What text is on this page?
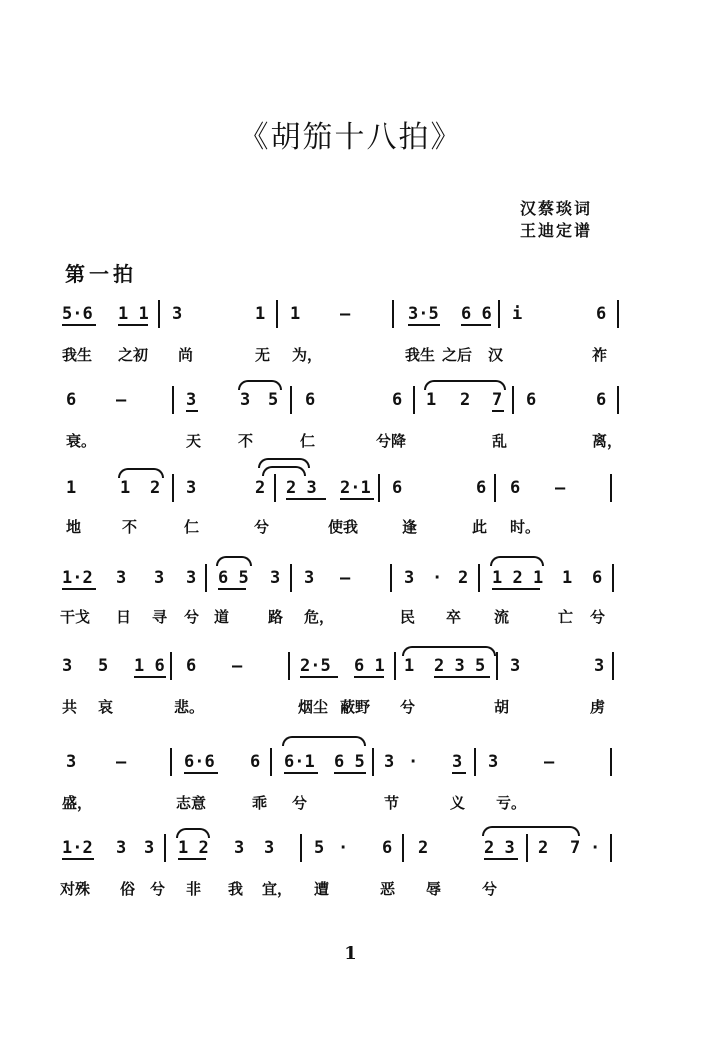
《胡笳十八拍》
汉蔡琰词
王迪定谱
第一拍
5·6 1 1 3	1 1 —	3·5 6 6 i	6
我生 之初 尚	无 为，	我生 之后 汉	祚
6 —	3	3 5 6	6 1 2 7 6	6
衰。	天 不	仁	兮降	乱	离，
1	1 2 3	2 2 3 2·1 6	6 6 —
地	不	仁	兮	使我	逢	此 时。
1·2 3 3 3 6 5 3 3 —	3 · 2 1 2 1 1 6
干戈 日 寻 兮 道	路 危，	民 卒 流	亡 兮
3 5 1 6 6 —	2·5 6 1 1 2 3 5 3	3
共 哀	悲。	烟尘 蔽野 兮	胡	虏
3 —	6·6 6 6·1 6 5 3 · 3 3	—
盛，	志意	乖 兮	节	义 亏。
1·2 3 3 1 2 3 3 5 · 6 2	2 3 2 7 ·
对殊 俗 兮 非 我 宜， 遭	恶 辱	兮
1
